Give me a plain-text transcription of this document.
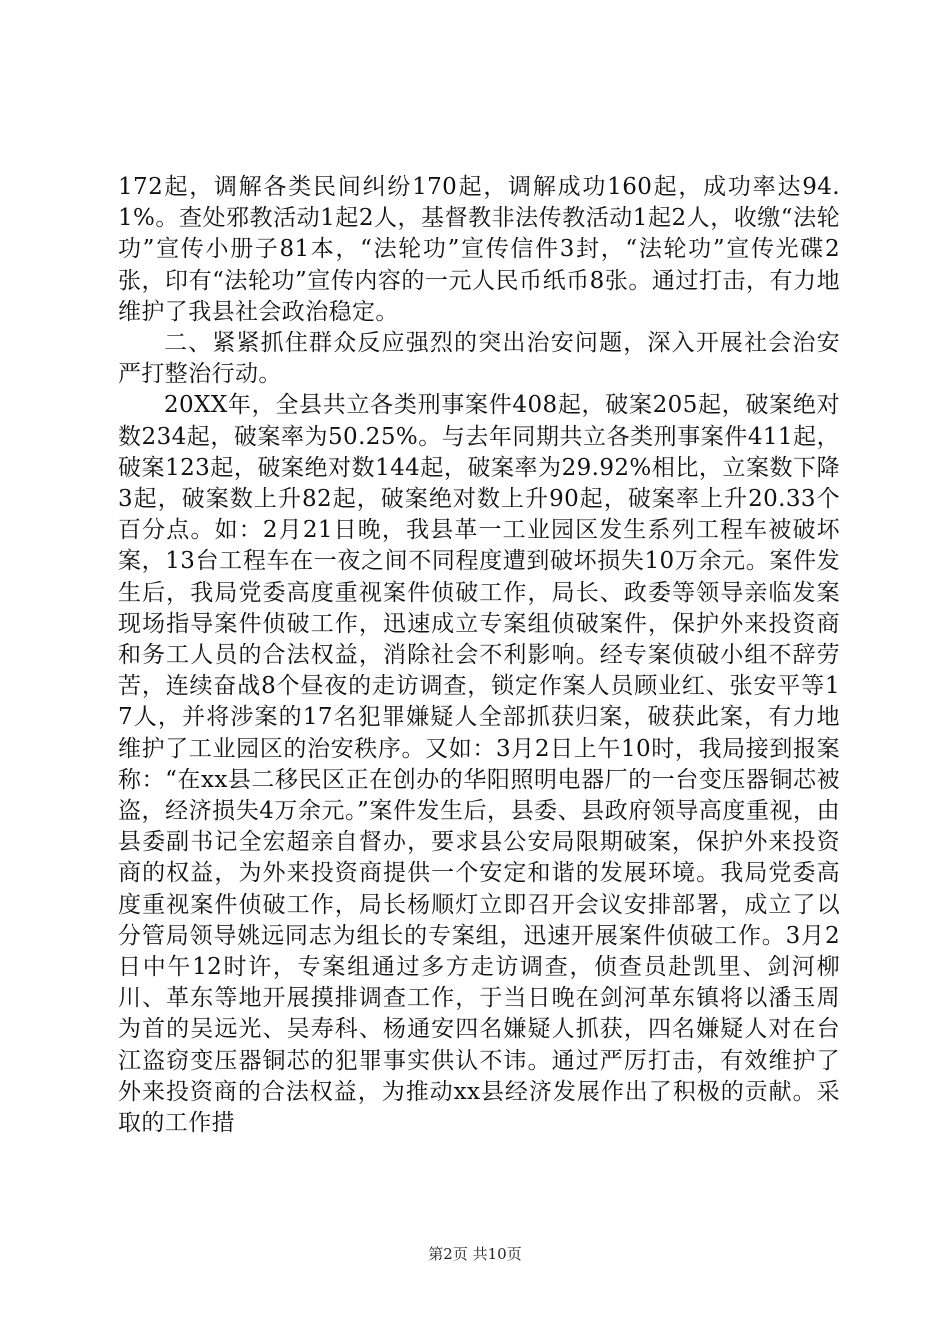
172起，调解各类民间纠纷170起，调解成功160起，成功率达94.1%。查处邪教活动1起2人，基督教非法传教活动1起2人，收缴“法轮功”宣传小册子81本，“法轮功”宣传信件3封，“法轮功”宣传光碟2张，印有“法轮功”宣传内容的一元人民币纸币8张。通过打击，有力地维护了我县社会政治稳定。

二、紧紧抓住群众反应强烈的突出治安问题，深入开展社会治安严打整治行动。

20XX年，全县共立各类刑事案件408起，破案205起，破案绝对数234起，破案率为50.25%。与去年同期共立各类刑事案件411起，破案123起，破案绝对数144起，破案率为29.92%相比，立案数下降3起，破案数上升82起，破案绝对数上升90起，破案率上升20.33个百分点。如：2月21日晚，我县革一工业园区发生系列工程车被破坏案，13台工程车在一夜之间不同程度遭到破坏损失10万余元。案件发生后，我局党委高度重视案件侦破工作，局长、政委等领导亲临发案现场指导案件侦破工作，迅速成立专案组侦破案件，保护外来投资商和务工人员的合法权益，消除社会不利影响。经专案侦破小组不辞劳苦，连续奋战8个昼夜的走访调查，锁定作案人员顾业红、张安平等17人，并将涉案的17名犯罪嫌疑人全部抓获归案，破获此案，有力地维护了工业园区的治安秩序。又如：3月2日上午10时，我局接到报案称：“在xx县二移民区正在创办的华阳照明电器厂的一台变压器铜芯被盗，经济损失4万余元。”案件发生后，县委、县政府领导高度重视，由县委副书记全宏超亲自督办，要求县公安局限期破案，保护外来投资商的权益，为外来投资商提供一个安定和谐的发展环境。我局党委高度重视案件侦破工作，局长杨顺灯立即召开会议安排部署，成立了以分管局领导姚远同志为组长的专案组，迅速开展案件侦破工作。3月2日中午12时许，专案组通过多方走访调查，侦查员赴凯里、剑河柳川、革东等地开展摸排调查工作，于当日晚在剑河革东镇将以潘玉周为首的吴远光、吴寿科、杨通安四名嫌疑人抓获，四名嫌疑人对在台江盗窃变压器铜芯的犯罪事实供认不讳。通过严厉打击，有效维护了外来投资商的合法权益，为推动xx县经济发展作出了积极的贡献。采取的工作措

第2页 共10页
